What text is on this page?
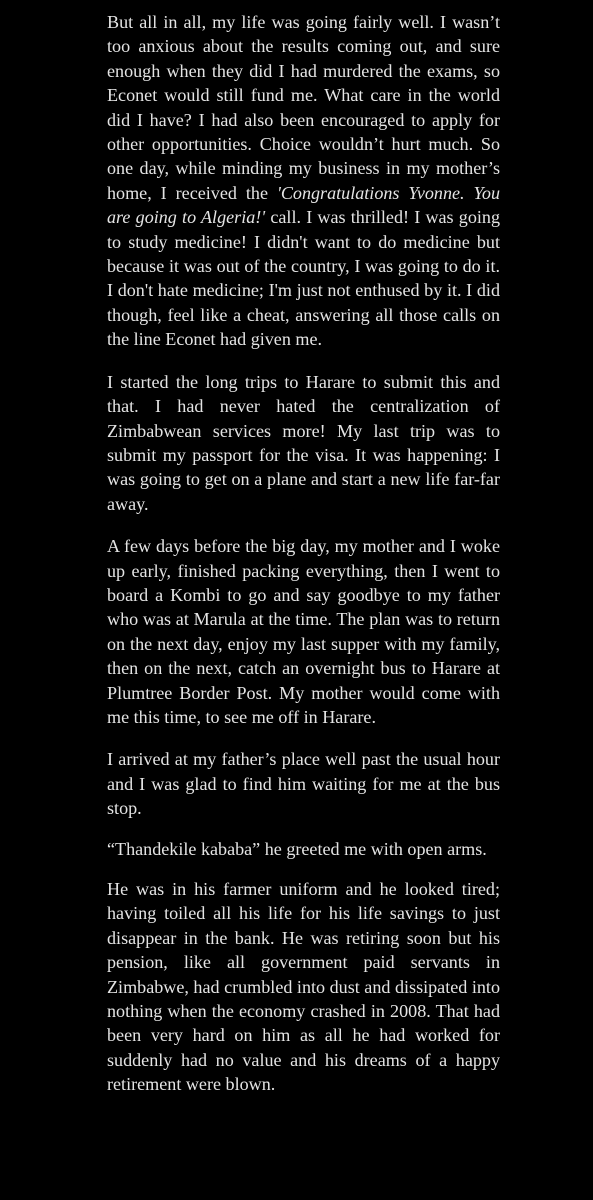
But all in all, my life was going fairly well. I wasn’t too anxious about the results coming out, and sure enough when they did I had murdered the exams, so Econet would still fund me. What care in the world did I have? I had also been encouraged to apply for other opportunities. Choice wouldn’t hurt much. So one day, while minding my business in my mother’s home, I received the 'Congratulations Yvonne. You are going to Algeria!' call. I was thrilled! I was going to study medicine! I didn't want to do medicine but because it was out of the country, I was going to do it. I don't hate medicine; I'm just not enthused by it. I did though, feel like a cheat, answering all those calls on the line Econet had given me.

I started the long trips to Harare to submit this and that. I had never hated the centralization of Zimbabwean services more! My last trip was to submit my passport for the visa. It was happening: I was going to get on a plane and start a new life far-far away.

A few days before the big day, my mother and I woke up early, finished packing everything, then I went to board a Kombi to go and say goodbye to my father who was at Marula at the time. The plan was to return on the next day, enjoy my last supper with my family, then on the next, catch an overnight bus to Harare at Plumtree Border Post. My mother would come with me this time, to see me off in Harare.

I arrived at my father’s place well past the usual hour and I was glad to find him waiting for me at the bus stop.

“Thandekile kababa” he greeted me with open arms.

He was in his farmer uniform and he looked tired; having toiled all his life for his life savings to just disappear in the bank. He was retiring soon but his pension, like all government paid servants in Zimbabwe, had crumbled into dust and dissipated into nothing when the economy crashed in 2008. That had been very hard on him as all he had worked for suddenly had no value and his dreams of a happy retirement were blown.
